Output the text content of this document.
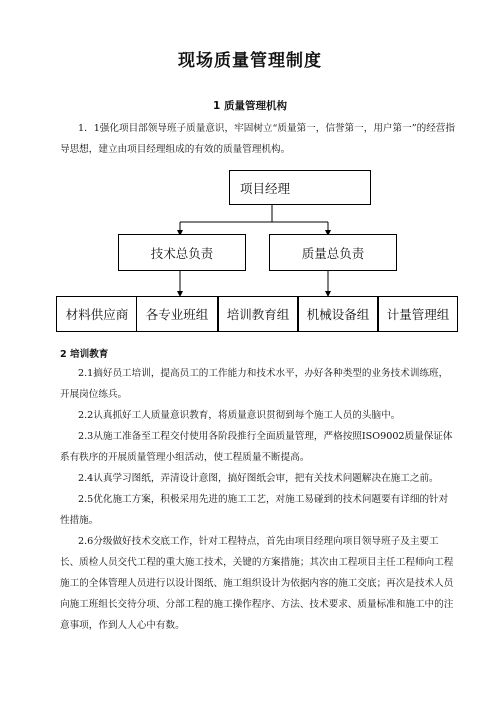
现场质量管理制度
1 质量管理机构
1．1强化项目部领导班子质量意识，牢固树立“质量第一，信誉第一，用户第一”的经营指导思想，建立由项目经理组成的有效的质量管理机构。
项目经理
技术总负责	质量总负责
材料供应商	各专业班组	培训教育组	机械设备组	计量管理组
2 培训教育
2.1搞好员工培训，提高员工的工作能力和技术水平，办好各种类型的业务技术训练班，开展岗位练兵。
2.2认真抓好工人质量意识教育，将质量意识贯彻到每个施工人员的头脑中。
2.3从施工准备至工程交付使用各阶段推行全面质量管理，严格按照ISO9002质量保证体系有秩序的开展质量管理小组活动，使工程质量不断提高。
2.4认真学习图纸，弄清设计意图，搞好图纸会审，把有关技术问题解决在施工之前。
2.5优化施工方案，积极采用先进的施工工艺，对施工易碰到的技术问题要有详细的针对性措施。
2.6分级做好技术交底工作，针对工程特点，首先由项目经理向项目领导班子及主要工长、质检人员交代工程的重大施工技术，关键的方案措施；其次由工程项目主任工程师向工程施工的全体管理人员进行以设计图纸、施工组织设计为依据内容的施工交底；再次是技术人员向施工班组长交待分项、分部工程的施工操作程序、方法、技术要求、质量标准和施工中的注意事项，作到人人心中有数。
